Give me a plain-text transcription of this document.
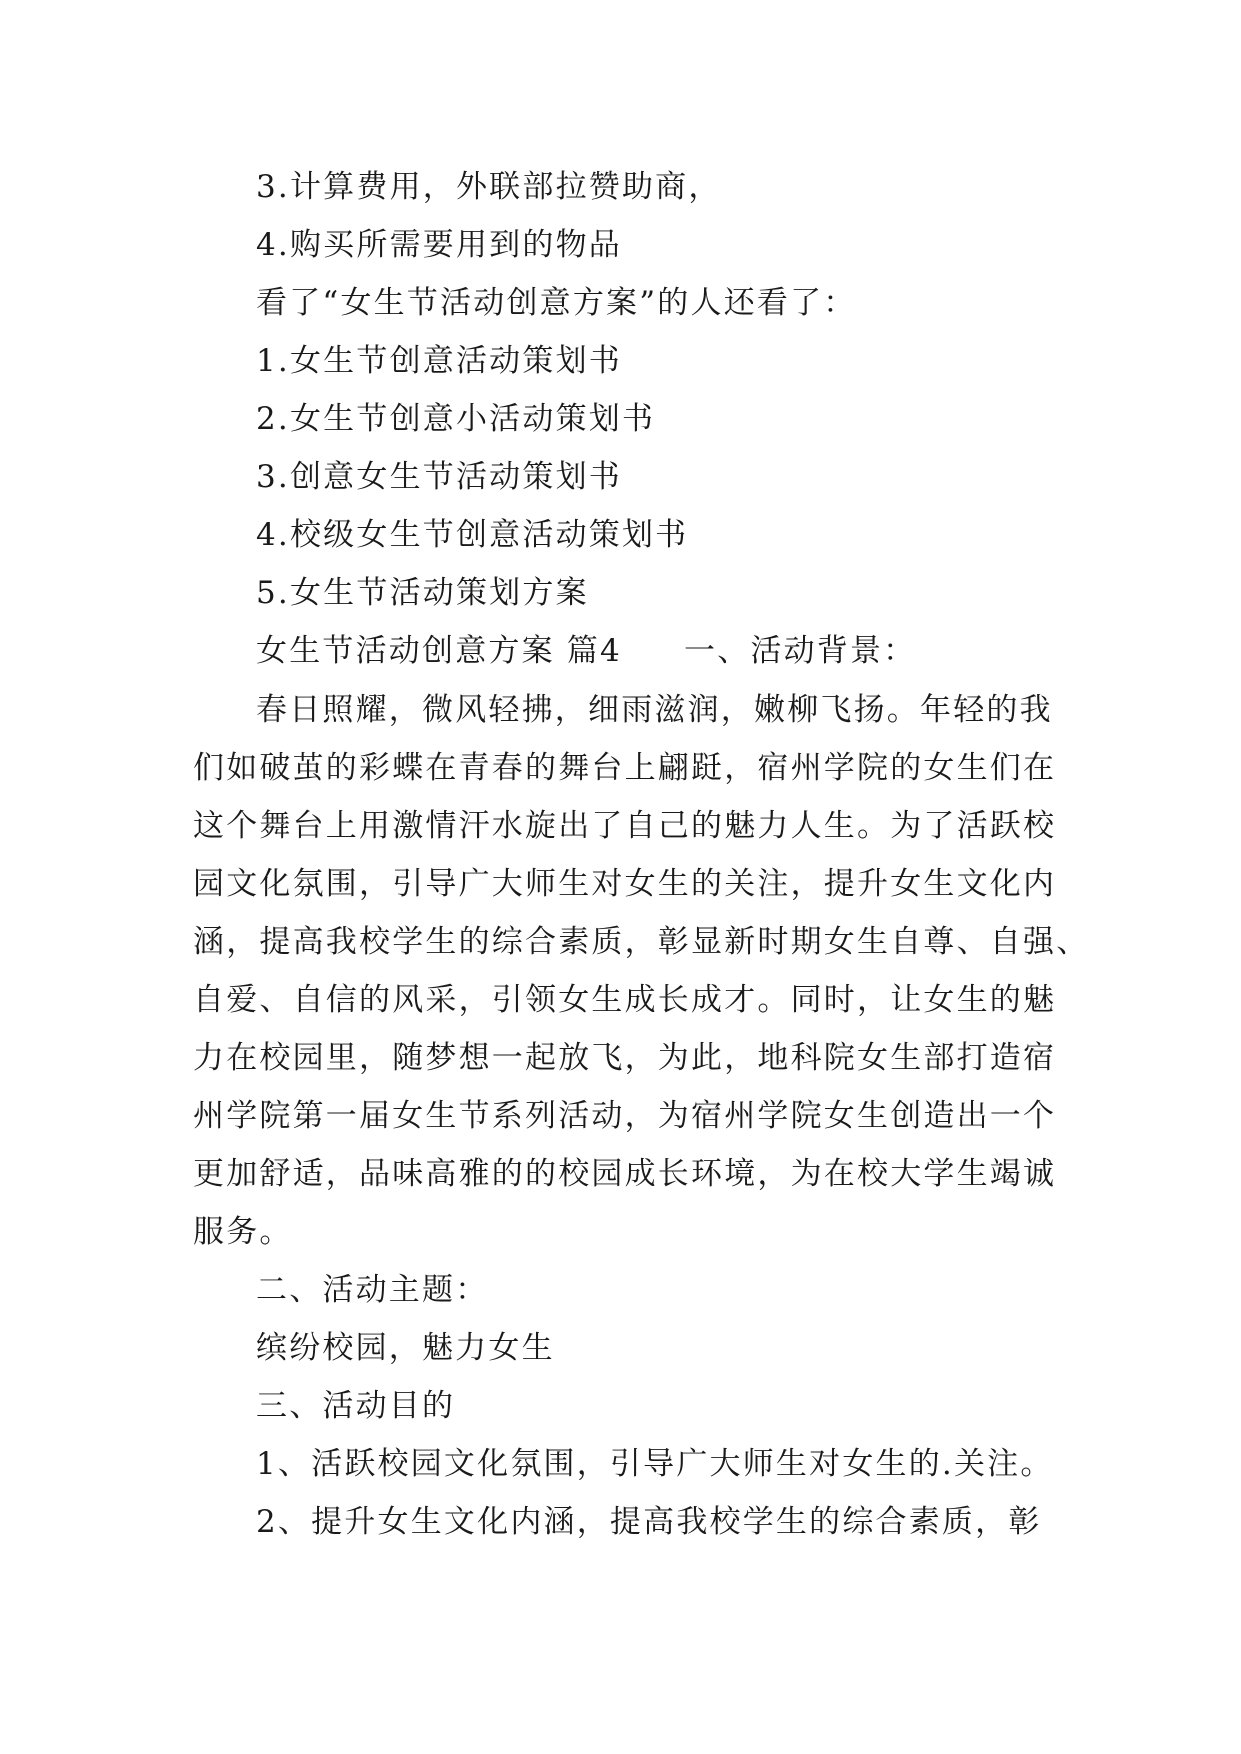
3.计算费用，外联部拉赞助商，
4.购买所需要用到的物品
看了“女生节活动创意方案”的人还看了：
1.女生节创意活动策划书
2.女生节创意小活动策划书
3.创意女生节活动策划书
4.校级女生节创意活动策划书
5.女生节活动策划方案
女生节活动创意方案 篇4 一、活动背景：
春日照耀，微风轻拂，细雨滋润，嫩柳飞扬。年轻的我
们如破茧的彩蝶在青春的舞台上翩跹，宿州学院的女生们在
这个舞台上用激情汗水旋出了自己的魅力人生。为了活跃校
园文化氛围，引导广大师生对女生的关注，提升女生文化内
涵，提高我校学生的综合素质，彰显新时期女生自尊、自强、
自爱、自信的风采，引领女生成长成才。同时，让女生的魅
力在校园里，随梦想一起放飞，为此，地科院女生部打造宿
州学院第一届女生节系列活动，为宿州学院女生创造出一个
更加舒适，品味高雅的的校园成长环境，为在校大学生竭诚
服务。
二、活动主题：
缤纷校园，魅力女生
三、活动目的
1、活跃校园文化氛围，引导广大师生对女生的.关注。
2、提升女生文化内涵，提高我校学生的综合素质，彰
